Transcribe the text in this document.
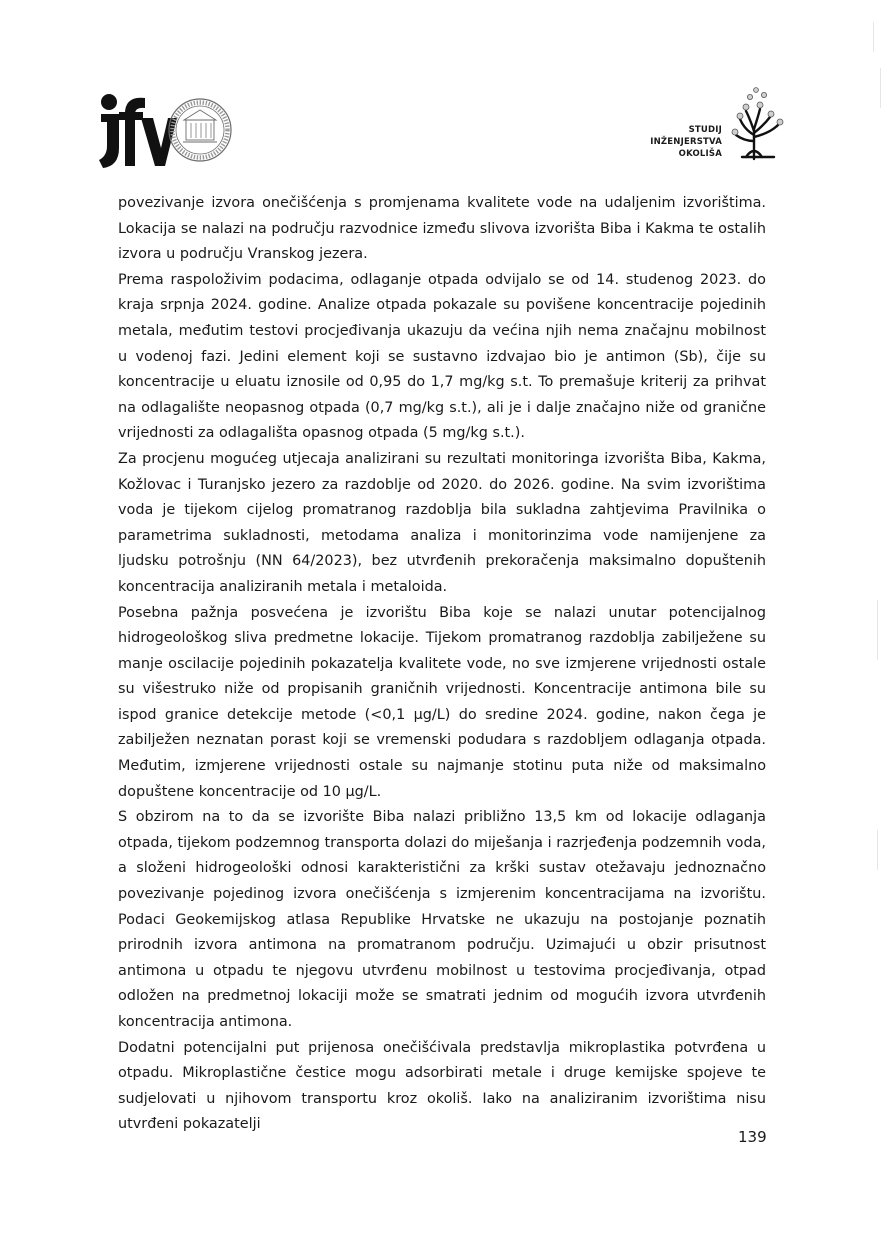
STUDIJ
INŽENJERSTVA
OKOLIŠA

povezivanje izvora onečišćenja s promjenama kvalitete vode na udaljenim izvorištima. Lokacija se nalazi na području razvodnice između slivova izvorišta Biba i Kakma te ostalih izvora u području Vranskog jezera.

Prema raspoloživim podacima, odlaganje otpada odvijalo se od 14. studenog 2023. do kraja srpnja 2024. godine. Analize otpada pokazale su povišene koncentracije pojedinih metala, međutim testovi procjeđivanja ukazuju da većina njih nema značajnu mobilnost u vodenoj fazi. Jedini element koji se sustavno izdvajao bio je antimon (Sb), čije su koncentracije u eluatu iznosile od 0,95 do 1,7 mg/kg s.t. To premašuje kriterij za prihvat na odlagalište neopasnog otpada (0,7 mg/kg s.t.), ali je i dalje značajno niže od granične vrijednosti za odlagališta opasnog otpada (5 mg/kg s.t.).

Za procjenu mogućeg utjecaja analizirani su rezultati monitoringa izvorišta Biba, Kakma, Kožlovac i Turanjsko jezero za razdoblje od 2020. do 2026. godine. Na svim izvorištima voda je tijekom cijelog promatranog razdoblja bila sukladna zahtjevima Pravilnika o parametrima sukladnosti, metodama analiza i monitorinzima vode namijenjene za ljudsku potrošnju (NN 64/2023), bez utvrđenih prekoračenja maksimalno dopuštenih koncentracija analiziranih metala i metaloida.

Posebna pažnja posvećena je izvorištu Biba koje se nalazi unutar potencijalnog hidrogeološkog sliva predmetne lokacije. Tijekom promatranog razdoblja zabilježene su manje oscilacije pojedinih pokazatelja kvalitete vode, no sve izmjerene vrijednosti ostale su višestruko niže od propisanih graničnih vrijednosti. Koncentracije antimona bile su ispod granice detekcije metode (<0,1 µg/L) do sredine 2024. godine, nakon čega je zabilježen neznatan porast koji se vremenski podudara s razdobljem odlaganja otpada. Međutim, izmjerene vrijednosti ostale su najmanje stotinu puta niže od maksimalno dopuštene koncentracije od 10 µg/L.

S obzirom na to da se izvorište Biba nalazi približno 13,5 km od lokacije odlaganja otpada, tijekom podzemnog transporta dolazi do miješanja i razrjeđenja podzemnih voda, a složeni hidrogeološki odnosi karakteristični za krški sustav otežavaju jednoznačno povezivanje pojedinog izvora onečišćenja s izmjerenim koncentracijama na izvorištu. Podaci Geokemijskog atlasa Republike Hrvatske ne ukazuju na postojanje poznatih prirodnih izvora antimona na promatranom području. Uzimajući u obzir prisutnost antimona u otpadu te njegovu utvrđenu mobilnost u testovima procjeđivanja, otpad odložen na predmetnoj lokaciji može se smatrati jednim od mogućih izvora utvrđenih koncentracija antimona.

Dodatni potencijalni put prijenosa onečišćivala predstavlja mikroplastika potvrđena u otpadu. Mikroplastične čestice mogu adsorbirati metale i druge kemijske spojeve te sudjelovati u njihovom transportu kroz okoliš. Iako na analiziranim izvorištima nisu utvrđeni pokazatelji

139
